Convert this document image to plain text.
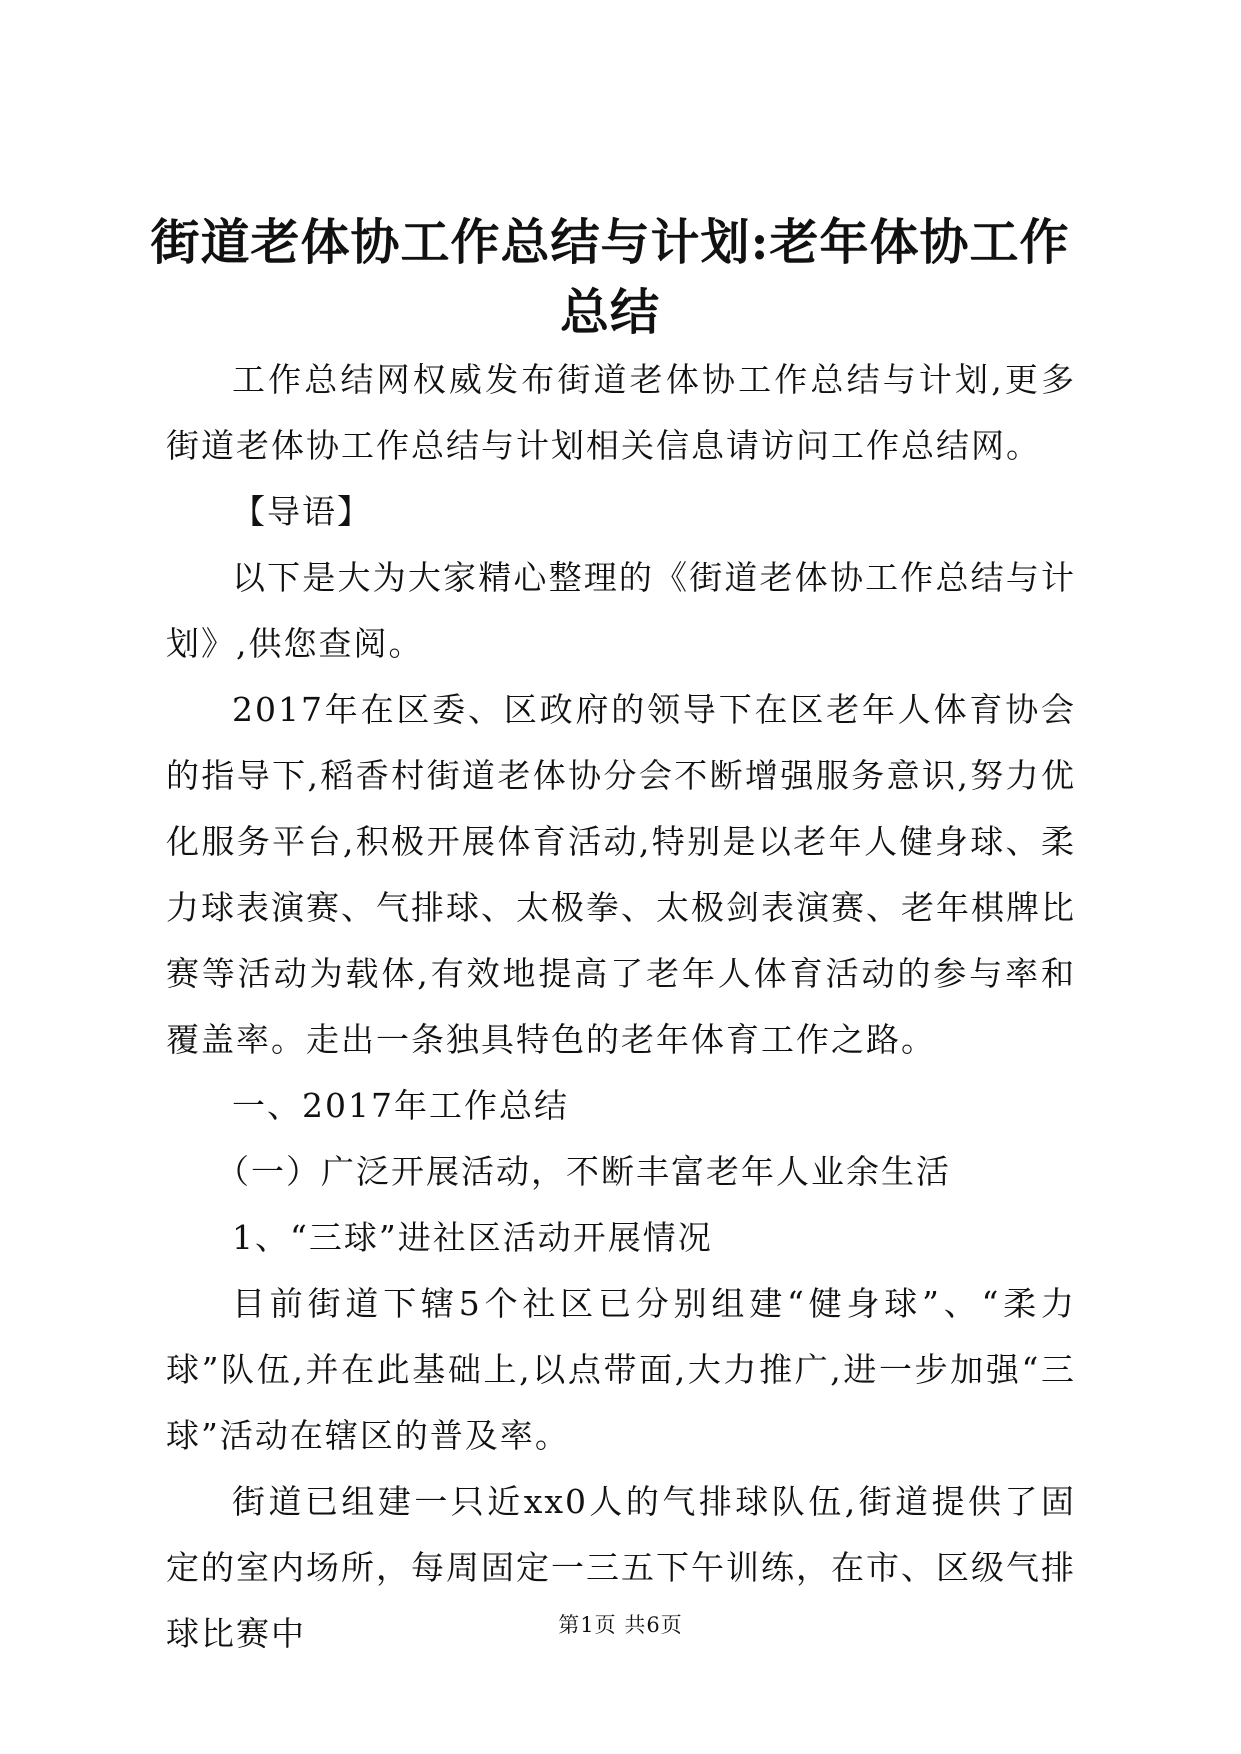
街道老体协工作总结与计划:老年体协工作总结

工作总结网权威发布街道老体协工作总结与计划,更多街道老体协工作总结与计划相关信息请访问工作总结网。

【导语】

以下是大为大家精心整理的《街道老体协工作总结与计划》,供您查阅。

2017年在区委、区政府的领导下在区老年人体育协会的指导下,稻香村街道老体协分会不断增强服务意识,努力优化服务平台,积极开展体育活动,特别是以老年人健身球、柔力球表演赛、气排球、太极拳、太极剑表演赛、老年棋牌比赛等活动为载体,有效地提高了老年人体育活动的参与率和覆盖率。走出一条独具特色的老年体育工作之路。

一、2017年工作总结

（一）广泛开展活动，不断丰富老年人业余生活

1、“三球”进社区活动开展情况

目前街道下辖5个社区已分别组建“健身球”、“柔力球”队伍,并在此基础上,以点带面,大力推广,进一步加强“三球”活动在辖区的普及率。

街道已组建一只近xx0人的气排球队伍,街道提供了固定的室内场所，每周固定一三五下午训练，在市、区级气排球比赛中	第1页 共6页
